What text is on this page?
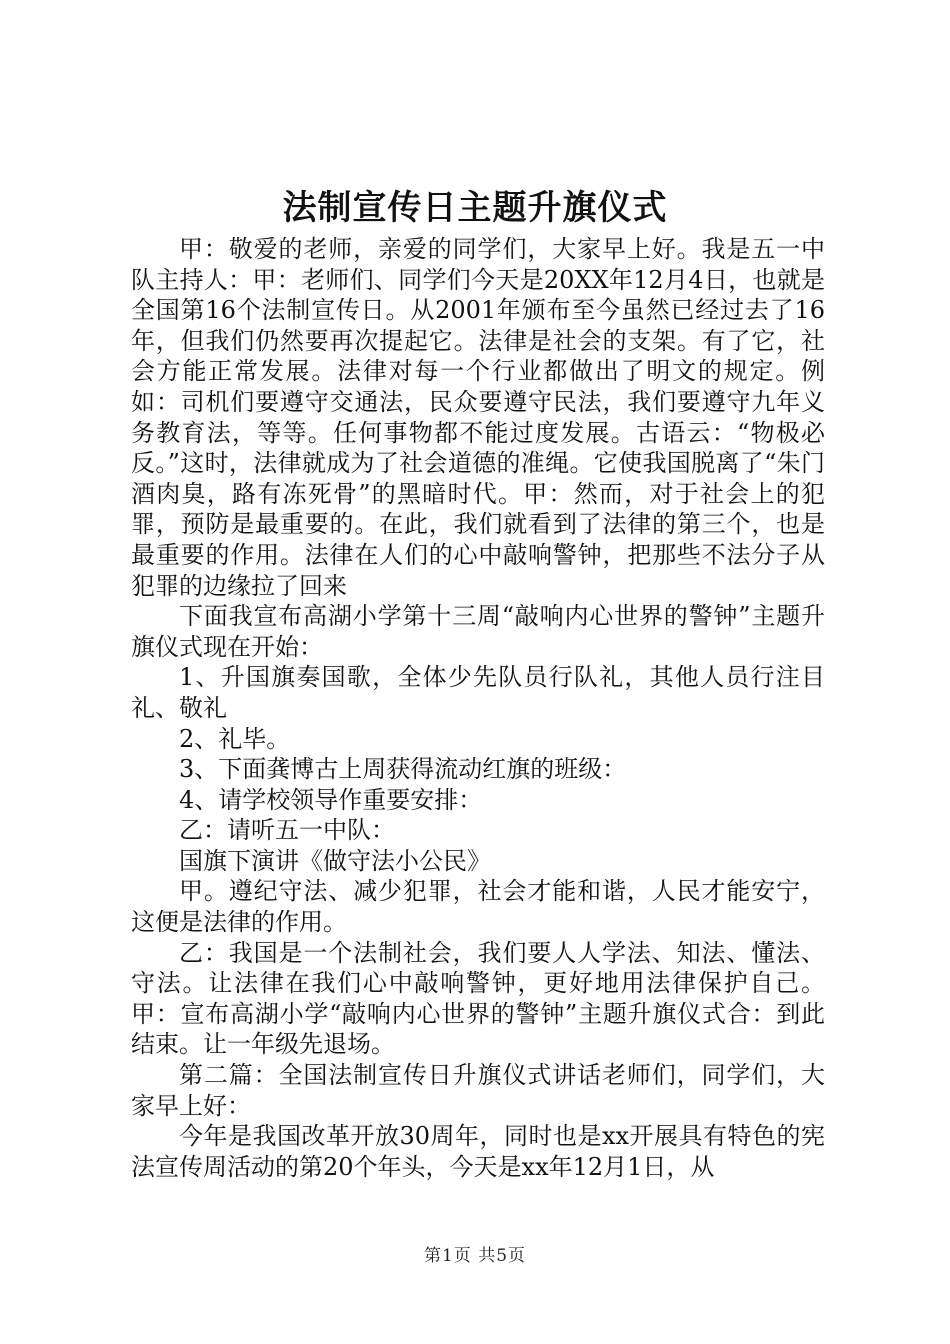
法制宣传日主题升旗仪式

甲：敬爱的老师，亲爱的同学们，大家早上好。我是五一中队主持人：甲：老师们、同学们今天是20XX年12月4日，也就是全国第16个法制宣传日。从2001年颁布至今虽然已经过去了16年，但我们仍然要再次提起它。法律是社会的支架。有了它，社会方能正常发展。法律对每一个行业都做出了明文的规定。例如：司机们要遵守交通法，民众要遵守民法，我们要遵守九年义务教育法，等等。任何事物都不能过度发展。古语云：“物极必反。”这时，法律就成为了社会道德的准绳。它使我国脱离了“朱门酒肉臭，路有冻死骨”的黑暗时代。甲：然而，对于社会上的犯罪，预防是最重要的。在此，我们就看到了法律的第三个，也是最重要的作用。法律在人们的心中敲响警钟，把那些不法分子从犯罪的边缘拉了回来

下面我宣布高湖小学第十三周“敲响内心世界的警钟”主题升旗仪式现在开始：

1、升国旗奏国歌，全体少先队员行队礼，其他人员行注目礼、敬礼

2、礼毕。

3、下面龚博古上周获得流动红旗的班级：

4、请学校领导作重要安排：

乙：请听五一中队：

国旗下演讲《做守法小公民》

甲。遵纪守法、减少犯罪，社会才能和谐，人民才能安宁，这便是法律的作用。

乙：我国是一个法制社会，我们要人人学法、知法、懂法、守法。让法律在我们心中敲响警钟，更好地用法律保护自己。甲：宣布高湖小学“敲响内心世界的警钟”主题升旗仪式合：到此结束。让一年级先退场。

第二篇：全国法制宣传日升旗仪式讲话老师们，同学们，大家早上好：

今年是我国改革开放30周年，同时也是xx开展具有特色的宪法宣传周活动的第20个年头，今天是xx年12月1日，从

第1页 共5页
